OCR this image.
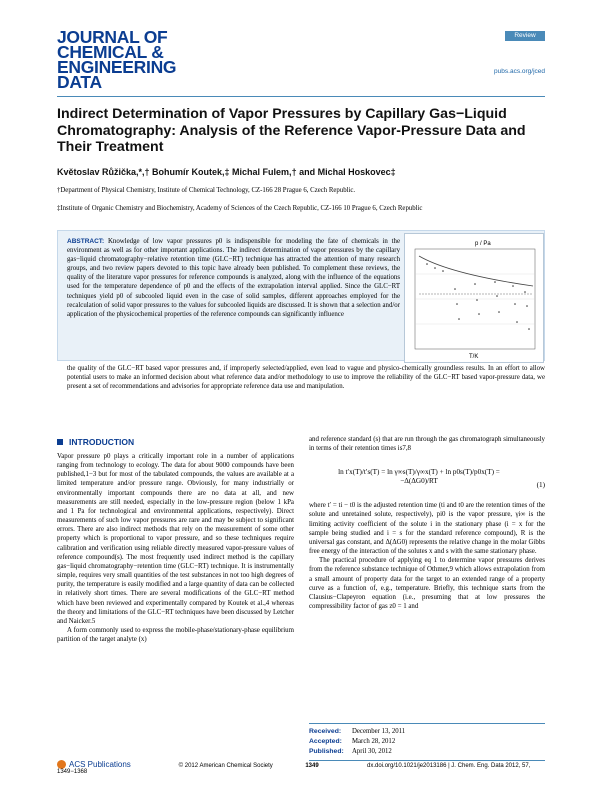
JOURNAL OF
CHEMICAL &
ENGINEERING
DATA
Review
pubs.acs.org/jced
Indirect Determination of Vapor Pressures by Capillary Gas−Liquid Chromatography: Analysis of the Reference Vapor-Pressure Data and Their Treatment
Květoslav Růžička,*,† Bohumír Koutek,‡ Michal Fulem,† and Michal Hoskovec‡
†Department of Physical Chemistry, Institute of Chemical Technology, CZ-166 28 Prague 6, Czech Republic.
‡Institute of Organic Chemistry and Biochemistry, Academy of Sciences of the Czech Republic, CZ-166 10 Prague 6, Czech Republic
ABSTRACT: Knowledge of low vapor pressures p0 is indispensible for modeling the fate of chemicals in the environment as well as for other important applications. The indirect determination of vapor pressures by the capillary gas−liquid chromatography−relative retention time (GLC−RT) technique has attracted the attention of many research groups, and two review papers devoted to this topic have already been published. To complement these reviews, the quality of the literature vapor pressures for reference compounds is analyzed, along with the influence of the equations used for the temperature dependence of p0 and the effects of the extrapolation interval applied. Since the GLC−RT techniques yield p0 of subcooled liquid even in the case of solid samples, different approaches employed for the recalculation of solid vapor pressures to the values for subcooled liquids are discussed. It is shown that a selection and/or application of the physicochemical properties of the reference compounds can significantly influence
the quality of the GLC−RT based vapor pressures and, if improperly selected/applied, even lead to vague and physico-chemically groundless results. In an effort to allow potential users to make an informed decision about what reference data and/or methodology to use to improve the reliability of the GLC−RT based vapor-pressure data, we present a set of recommendations and advisories for appropriate reference data use and manipulation.
p / Pa
T/K
INTRODUCTION
Vapor pressure p0 plays a critically important role in a number of applications ranging from technology to ecology. The data for about 9000 compounds have been published,1−3 but for most of the tabulated compounds, the values are available at a limited temperature and/or pressure range. Obviously, for many industrially or environmentally important compounds there are no data at all, and new measurements are still needed, especially in the low-pressure region (below 1 kPa and 1 Pa for technological and environmental applications, respectively). Direct measurements of such low vapor pressures are rare and may be subject to significant errors. There are also indirect methods that rely on the measurement of some other property which is proportional to vapor pressure, and so these techniques require calibration and verification using reliable directly measured vapor-pressure values of reference compound(s). The most frequently used indirect method is the capillary gas−liquid chromatography−retention time (GLC−RT) technique. It is instrumentally simple, requires very small quantities of the test substances in not too high degrees of purity, the temperature is easily modified and a large quantity of data can be collected in relatively short times. There are several modifications of the GLC−RT method which have been reviewed and experimentally compared by Koutek et al.,4 whereas the theory and limitations of the GLC−RT techniques have been discussed by Letcher and Naicker.5
A form commonly used to express the mobile-phase/stationary-phase equilibrium partition of the target analyte (x)
and reference standard (s) that are run through the gas chromatograph simultaneously in terms of their retention times is7,8
ln t′x(T)/t′s(T) = ln γ∞s(T)/γ∞x(T) + ln p0s(T)/p0x(T) = −Δ(ΔG0)/RT	(1)
where t′ = ti − t0 is the adjusted retention time (ti and t0 are the retention times of the solute and unretained solute, respectively), pi0 is the vapor pressure, γi∞ is the limiting activity coefficient of the solute i in the stationary phase (i = x for the sample being studied and i = s for the standard reference compound), R is the universal gas constant, and Δ(ΔG0) represents the relative change in the molar Gibbs free energy of the interaction of the solutes x and s with the same stationary phase.
The practical procedure of applying eq 1 to determine vapor pressures derives from the reference substance technique of Othmer,9 which allows extrapolation from a small amount of property data for the target to an extended range of a property curve as a function of, e.g., temperature. Briefly, this technique starts from the Clausius−Clapeyron equation (i.e., presuming that at low pressures the compressibility factor of gas z0 = 1 and
Received: December 13, 2011
Accepted: March 28, 2012
Published: April 30, 2012
ACS Publications	© 2012 American Chemical Society	1349	dx.doi.org/10.1021/je2013186 | J. Chem. Eng. Data 2012, 57, 1349−1368
